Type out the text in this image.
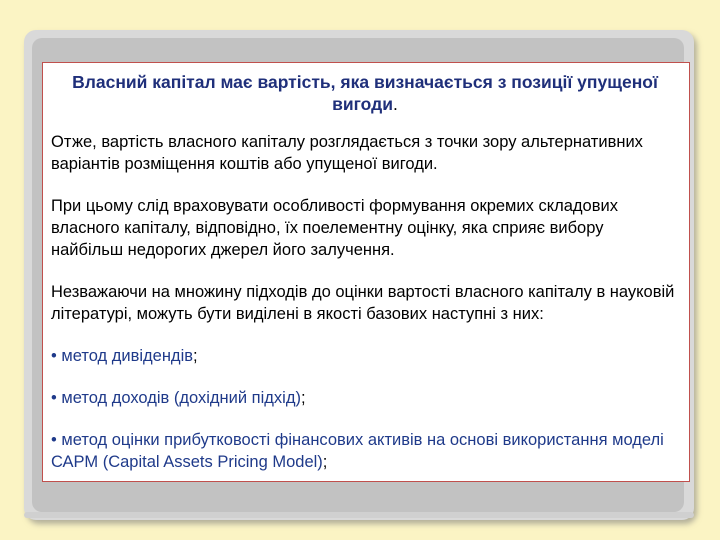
Власний капітал має вартість, яка визначається з позиції упущеної вигоди.

Отже, вартість власного капіталу розглядається з точки зору альтернативних варіантів розміщення коштів або упущеної вигоди.

При цьому слід враховувати особливості формування окремих складових власного капіталу, відповідно, їх поелементну оцінку, яка сприяє вибору найбільш недорогих джерел його залучення.

Незважаючи на множину підходів до оцінки вартості власного капіталу в науковій літературі, можуть бути виділені в якості базових наступні з них:

• метод дивідендів;

• метод доходів (дохідний підхід);

• метод оцінки прибутковості фінансових активів на основі використання моделі САРМ (Capital Assets Pricing Model);
